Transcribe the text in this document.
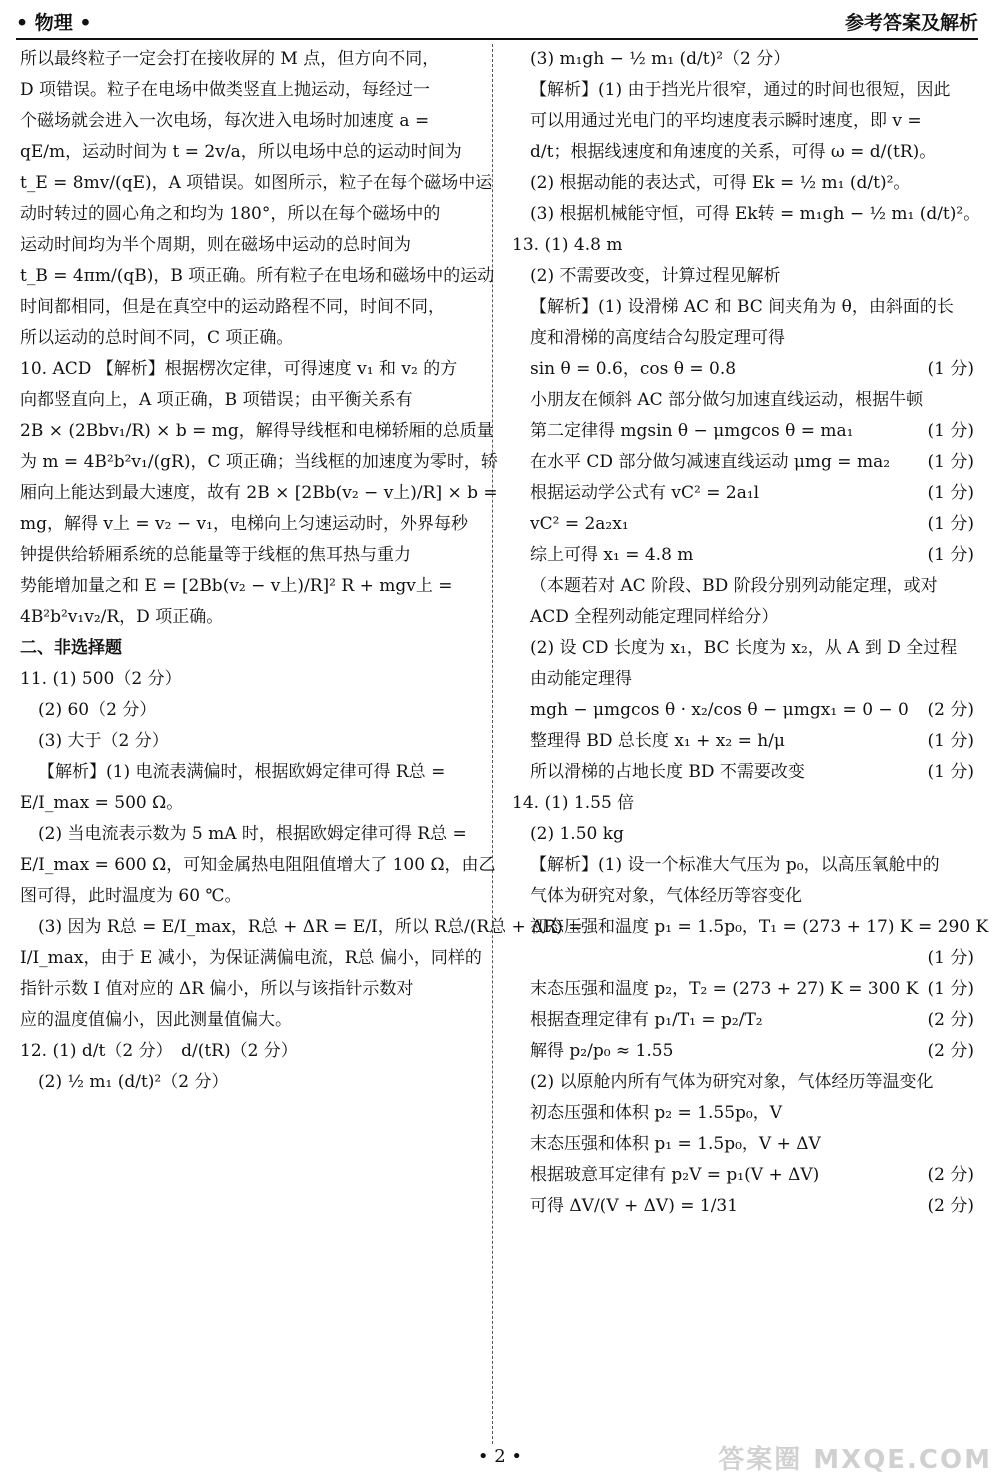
• 物理 •	参考答案及解析
所以最终粒子一定会打在接收屏的 M 点，但方向不同，
D 项错误。粒子在电场中做类竖直上抛运动，每经过一
个磁场就会进入一次电场，每次进入电场时加速度 a =
qE/m，运动时间为 t = 2v/a，所以电场中总的运动时间为
t_E = 8mv/(qE)，A 项错误。如图所示，粒子在每个磁场中运
动时转过的圆心角之和均为 180°，所以在每个磁场中的
运动时间均为半个周期，则在磁场中运动的总时间为
t_B = 4πm/(qB)，B 项正确。所有粒子在电场和磁场中的运动
时间都相同，但是在真空中的运动路程不同，时间不同，
所以运动的总时间不同，C 项正确。
10. ACD 【解析】根据楞次定律，可得速度 v₁ 和 v₂ 的方
向都竖直向上，A 项正确，B 项错误；由平衡关系有
2B × (2Bbv₁/R) × b = mg，解得导线框和电梯轿厢的总质量
为 m = 4B²b²v₁/(gR)，C 项正确；当线框的加速度为零时，轿
厢向上能达到最大速度，故有 2B × [2Bb(v₂ − v上)/R] × b =
mg，解得 v上 = v₂ − v₁，电梯向上匀速运动时，外界每秒
钟提供给轿厢系统的总能量等于线框的焦耳热与重力
势能增加量之和 E = [2Bb(v₂ − v上)/R]² R + mgv上 =
4B²b²v₁v₂/R，D 项正确。
二、非选择题
11. (1) 500（2 分）
(2) 60（2 分）
(3) 大于（2 分）
【解析】(1) 电流表满偏时，根据欧姆定律可得 R总 =
E/I_max = 500 Ω。
(2) 当电流表示数为 5 mA 时，根据欧姆定律可得 R总 =
E/I_max = 600 Ω，可知金属热电阻阻值增大了 100 Ω，由乙
图可得，此时温度为 60 ℃。
(3) 因为 R总 = E/I_max，R总 + ΔR = E/I，所以 R总/(R总 + ΔR) =
I/I_max，由于 E 减小，为保证满偏电流，R总 偏小，同样的
指针示数 I 值对应的 ΔR 偏小，所以与该指针示数对
应的温度值偏小，因此测量值偏大。
12. (1) d/t（2 分）　d/(tR)（2 分）
(2) ½ m₁ (d/t)²（2 分）
(3) m₁gh − ½ m₁ (d/t)²（2 分）
【解析】(1) 由于挡光片很窄，通过的时间也很短，因此
可以用通过光电门的平均速度表示瞬时速度，即 v =
d/t；根据线速度和角速度的关系，可得 ω = d/(tR)。
(2) 根据动能的表达式，可得 Ek = ½ m₁ (d/t)²。
(3) 根据机械能守恒，可得 Ek转 = m₁gh − ½ m₁ (d/t)²。
13. (1) 4.8 m
(2) 不需要改变，计算过程见解析
【解析】(1) 设滑梯 AC 和 BC 间夹角为 θ，由斜面的长
度和滑梯的高度结合勾股定理可得
sin θ = 0.6，cos θ = 0.8	(1 分)
小朋友在倾斜 AC 部分做匀加速直线运动，根据牛顿
第二定律得 mgsin θ − μmgcos θ = ma₁	(1 分)
在水平 CD 部分做匀减速直线运动 μmg = ma₂ (1 分)
根据运动学公式有 vC² = 2a₁l	(1 分)
vC² = 2a₂x₁	(1 分)
综上可得 x₁ = 4.8 m	(1 分)
（本题若对 AC 阶段、BD 阶段分别列动能定理，或对
ACD 全程列动能定理同样给分）
(2) 设 CD 长度为 x₁，BC 长度为 x₂，从 A 到 D 全过程
由动能定理得
mgh − μmgcos θ · x₂/cos θ − μmgx₁ = 0 − 0 (2 分)
整理得 BD 总长度 x₁ + x₂ = h/μ	(1 分)
所以滑梯的占地长度 BD 不需要改变	(1 分)
14. (1) 1.55 倍
(2) 1.50 kg
【解析】(1) 设一个标准大气压为 p₀，以高压氧舱中的
气体为研究对象，气体经历等容变化
初态压强和温度 p₁ = 1.5p₀，T₁ = (273 + 17) K = 290 K
(1 分)
末态压强和温度 p₂，T₂ = (273 + 27) K = 300 K (1 分)
根据查理定律有 p₁/T₁ = p₂/T₂	(2 分)
解得 p₂/p₀ ≈ 1.55	(2 分)
(2) 以原舱内所有气体为研究对象，气体经历等温变化
初态压强和体积 p₂ = 1.55p₀，V
末态压强和体积 p₁ = 1.5p₀，V + ΔV
根据玻意耳定律有 p₂V = p₁(V + ΔV)	(2 分)
可得 ΔV/(V + ΔV) = 1/31	(2 分)
• 2 •	答案圈 MXQE.COM
